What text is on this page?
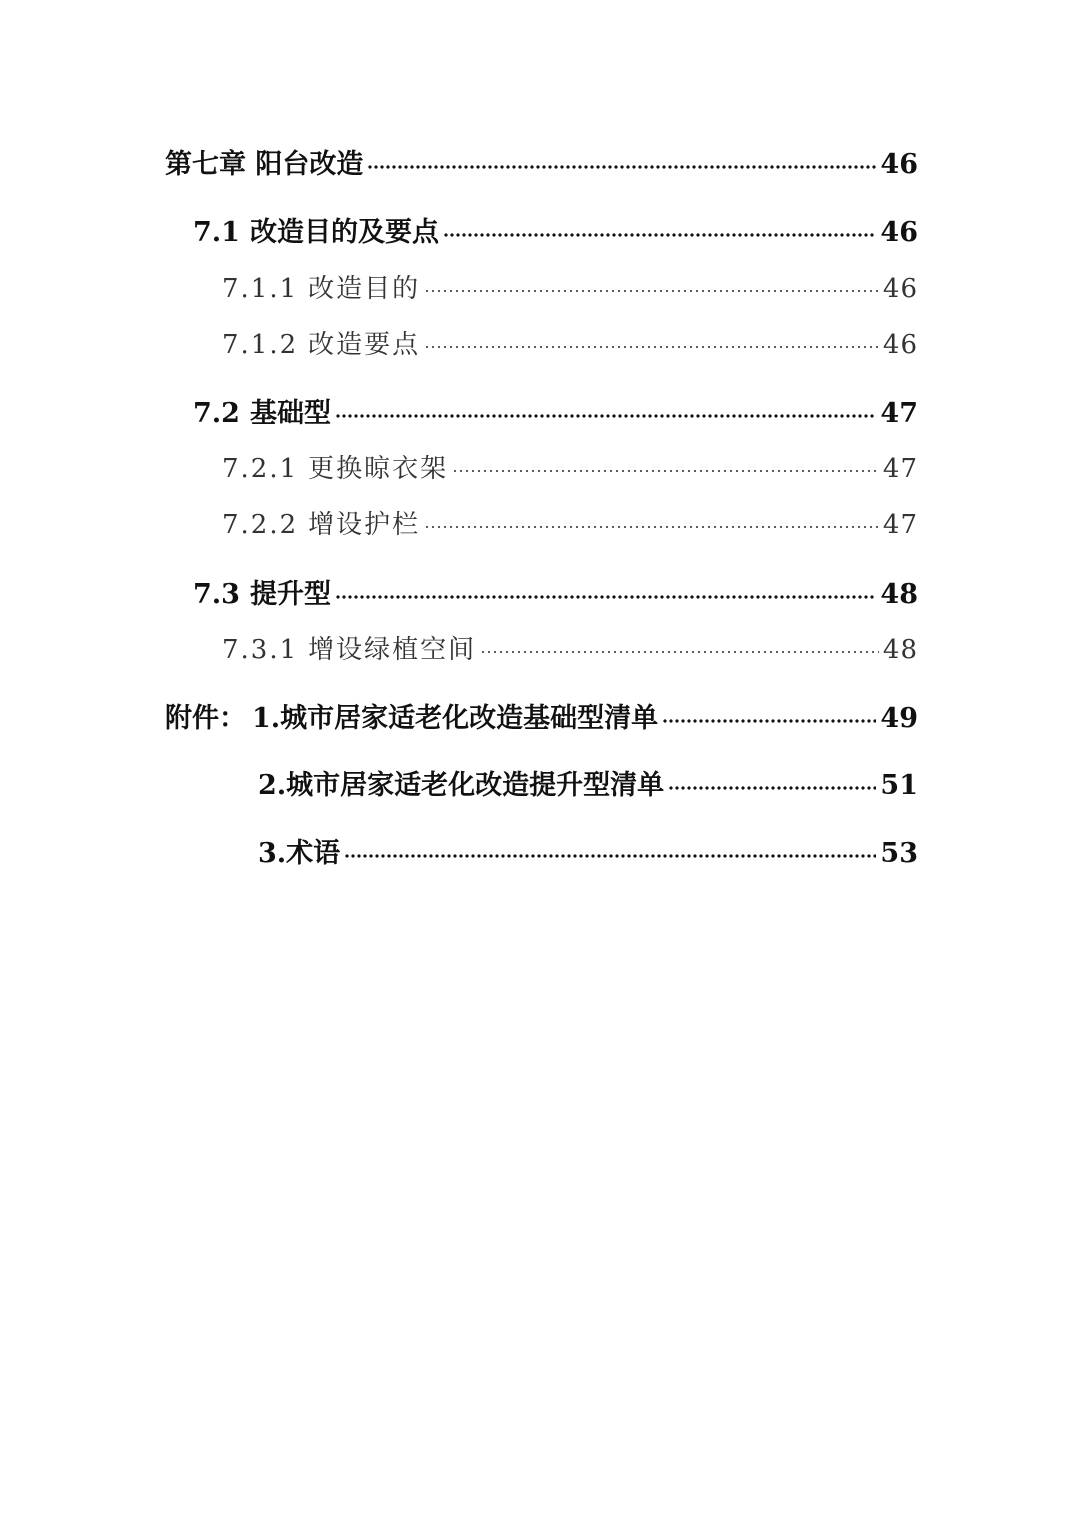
第七章 阳台改造	46
7.1 改造目的及要点	46
7.1.1 改造目的	46
7.1.2 改造要点	46
7.2 基础型	47
7.2.1 更换晾衣架	47
7.2.2 增设护栏	47
7.3 提升型	48
7.3.1 增设绿植空间	48
附件： 1.城市居家适老化改造基础型清单	49
2.城市居家适老化改造提升型清单	51
3.术语	53
